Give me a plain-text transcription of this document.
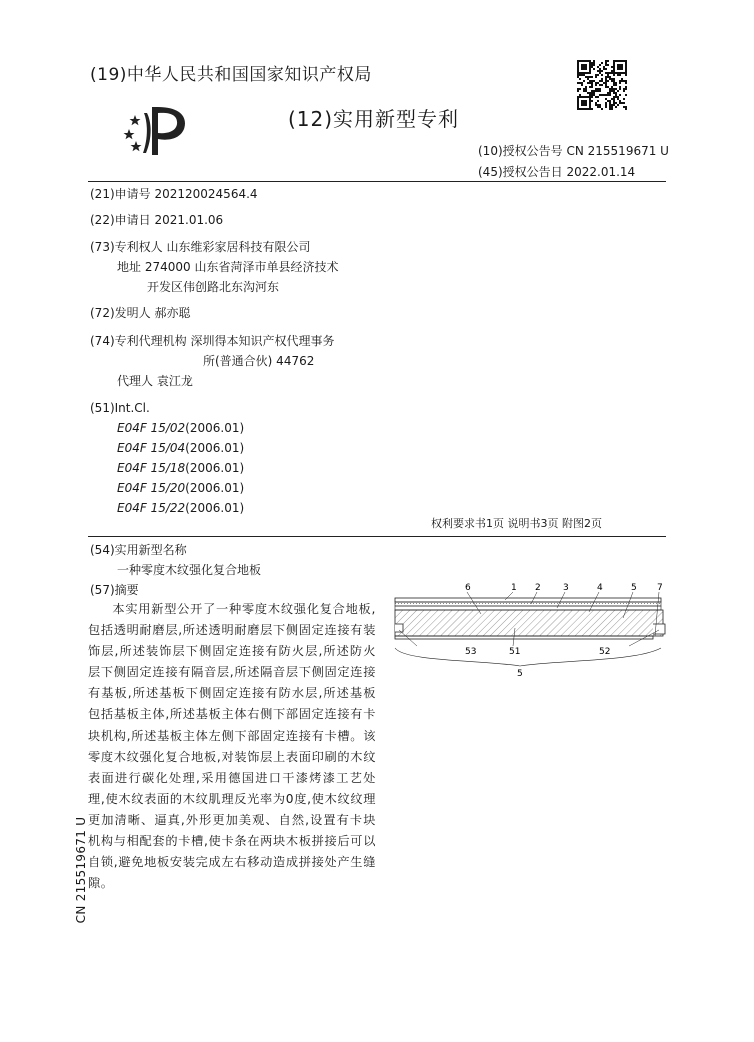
(19)中华人民共和国国家知识产权局
(12)实用新型专利
(10)授权公告号 CN 215519671 U
(45)授权公告日 2022.01.14
(21)申请号 202120024564.4
(22)申请日 2021.01.06
(73)专利权人 山东维彩家居科技有限公司
地址 274000 山东省菏泽市单县经济技术
开发区伟创路北东沟河东
(72)发明人 郝亦聪
(74)专利代理机构 深圳得本知识产权代理事务
所(普通合伙) 44762
代理人 袁江龙
(51)Int.Cl.
E04F 15/02(2006.01)
E04F 15/04(2006.01)
E04F 15/18(2006.01)
E04F 15/20(2006.01)
E04F 15/22(2006.01)
权利要求书1页 说明书3页 附图2页
(54)实用新型名称
一种零度木纹强化复合地板
(57)摘要
本实用新型公开了一种零度木纹强化复合地板,包括透明耐磨层,所述透明耐磨层下侧固定连接有装饰层,所述装饰层下侧固定连接有防火层,所述防火层下侧固定连接有隔音层,所述隔音层下侧固定连接有基板,所述基板下侧固定连接有防水层,所述基板包括基板主体,所述基板主体右侧下部固定连接有卡块机构,所述基板主体左侧下部固定连接有卡槽。该零度木纹强化复合地板,对装饰层上表面印刷的木纹表面进行碳化处理,采用德国进口干漆烤漆工艺处理,使木纹表面的木纹肌理反光率为0度,使木纹纹理更加清晰、逼真,外形更加美观、自然,设置有卡块机构与相配套的卡槽,使卡条在两块木板拼接后可以自锁,避免地板安装完成左右移动造成拼接处产生缝隙。
6	1 2 3	4	5 7
53	51	52
5
CN 215519671 U
